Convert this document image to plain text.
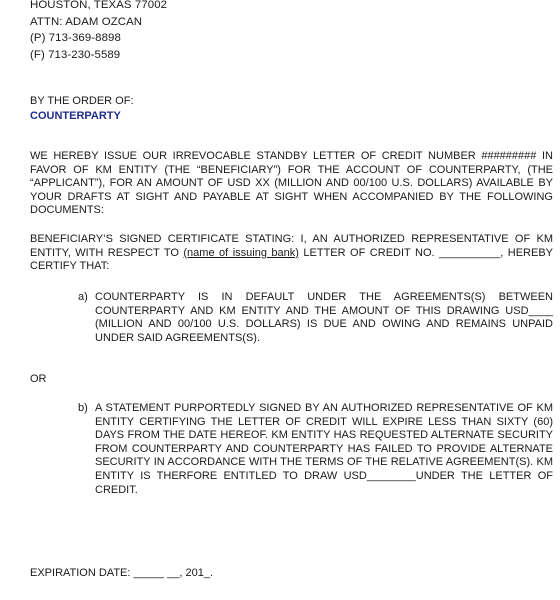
HOUSTON, TEXAS 77002
ATTN: ADAM OZCAN
(P) 713-369-8898
(F) 713-230-5589
BY THE ORDER OF:
COUNTERPARTY
WE HEREBY ISSUE OUR IRREVOCABLE STANDBY LETTER OF CREDIT NUMBER ######### IN FAVOR OF KM ENTITY (THE “BENEFICIARY”) FOR THE ACCOUNT OF COUNTERPARTY, (THE “APPLICANT”), FOR AN AMOUNT OF USD XX (MILLION AND 00/100 U.S. DOLLARS) AVAILABLE BY YOUR DRAFTS AT SIGHT AND PAYABLE AT SIGHT WHEN ACCOMPANIED BY THE FOLLOWING DOCUMENTS:
BENEFICIARY’S SIGNED CERTIFICATE STATING: I, AN AUTHORIZED REPRESENTATIVE OF KM ENTITY, WITH RESPECT TO (name of issuing bank) LETTER OF CREDIT NO. __________, HEREBY CERTIFY THAT:
a) COUNTERPARTY IS IN DEFAULT UNDER THE AGREEMENTS(S) BETWEEN COUNTERPARTY AND KM ENTITY AND THE AMOUNT OF THIS DRAWING USD____ (MILLION AND 00/100 U.S. DOLLARS) IS DUE AND OWING AND REMAINS UNPAID UNDER SAID AGREEMENTS(S).
OR
b) A STATEMENT PURPORTEDLY SIGNED BY AN AUTHORIZED REPRESENTATIVE OF KM ENTITY CERTIFYING THE LETTER OF CREDIT WILL EXPIRE LESS THAN SIXTY (60) DAYS FROM THE DATE HEREOF. KM ENTITY HAS REQUESTED ALTERNATE SECURITY FROM COUNTERPARTY AND COUNTERPARTY HAS FAILED TO PROVIDE ALTERNATE SECURITY IN ACCORDANCE WITH THE TERMS OF THE RELATIVE AGREEMENT(S). KM ENTITY IS THERFORE ENTITLED TO DRAW USD________UNDER THE LETTER OF CREDIT.
EXPIRATION DATE: _____ __, 201_.
